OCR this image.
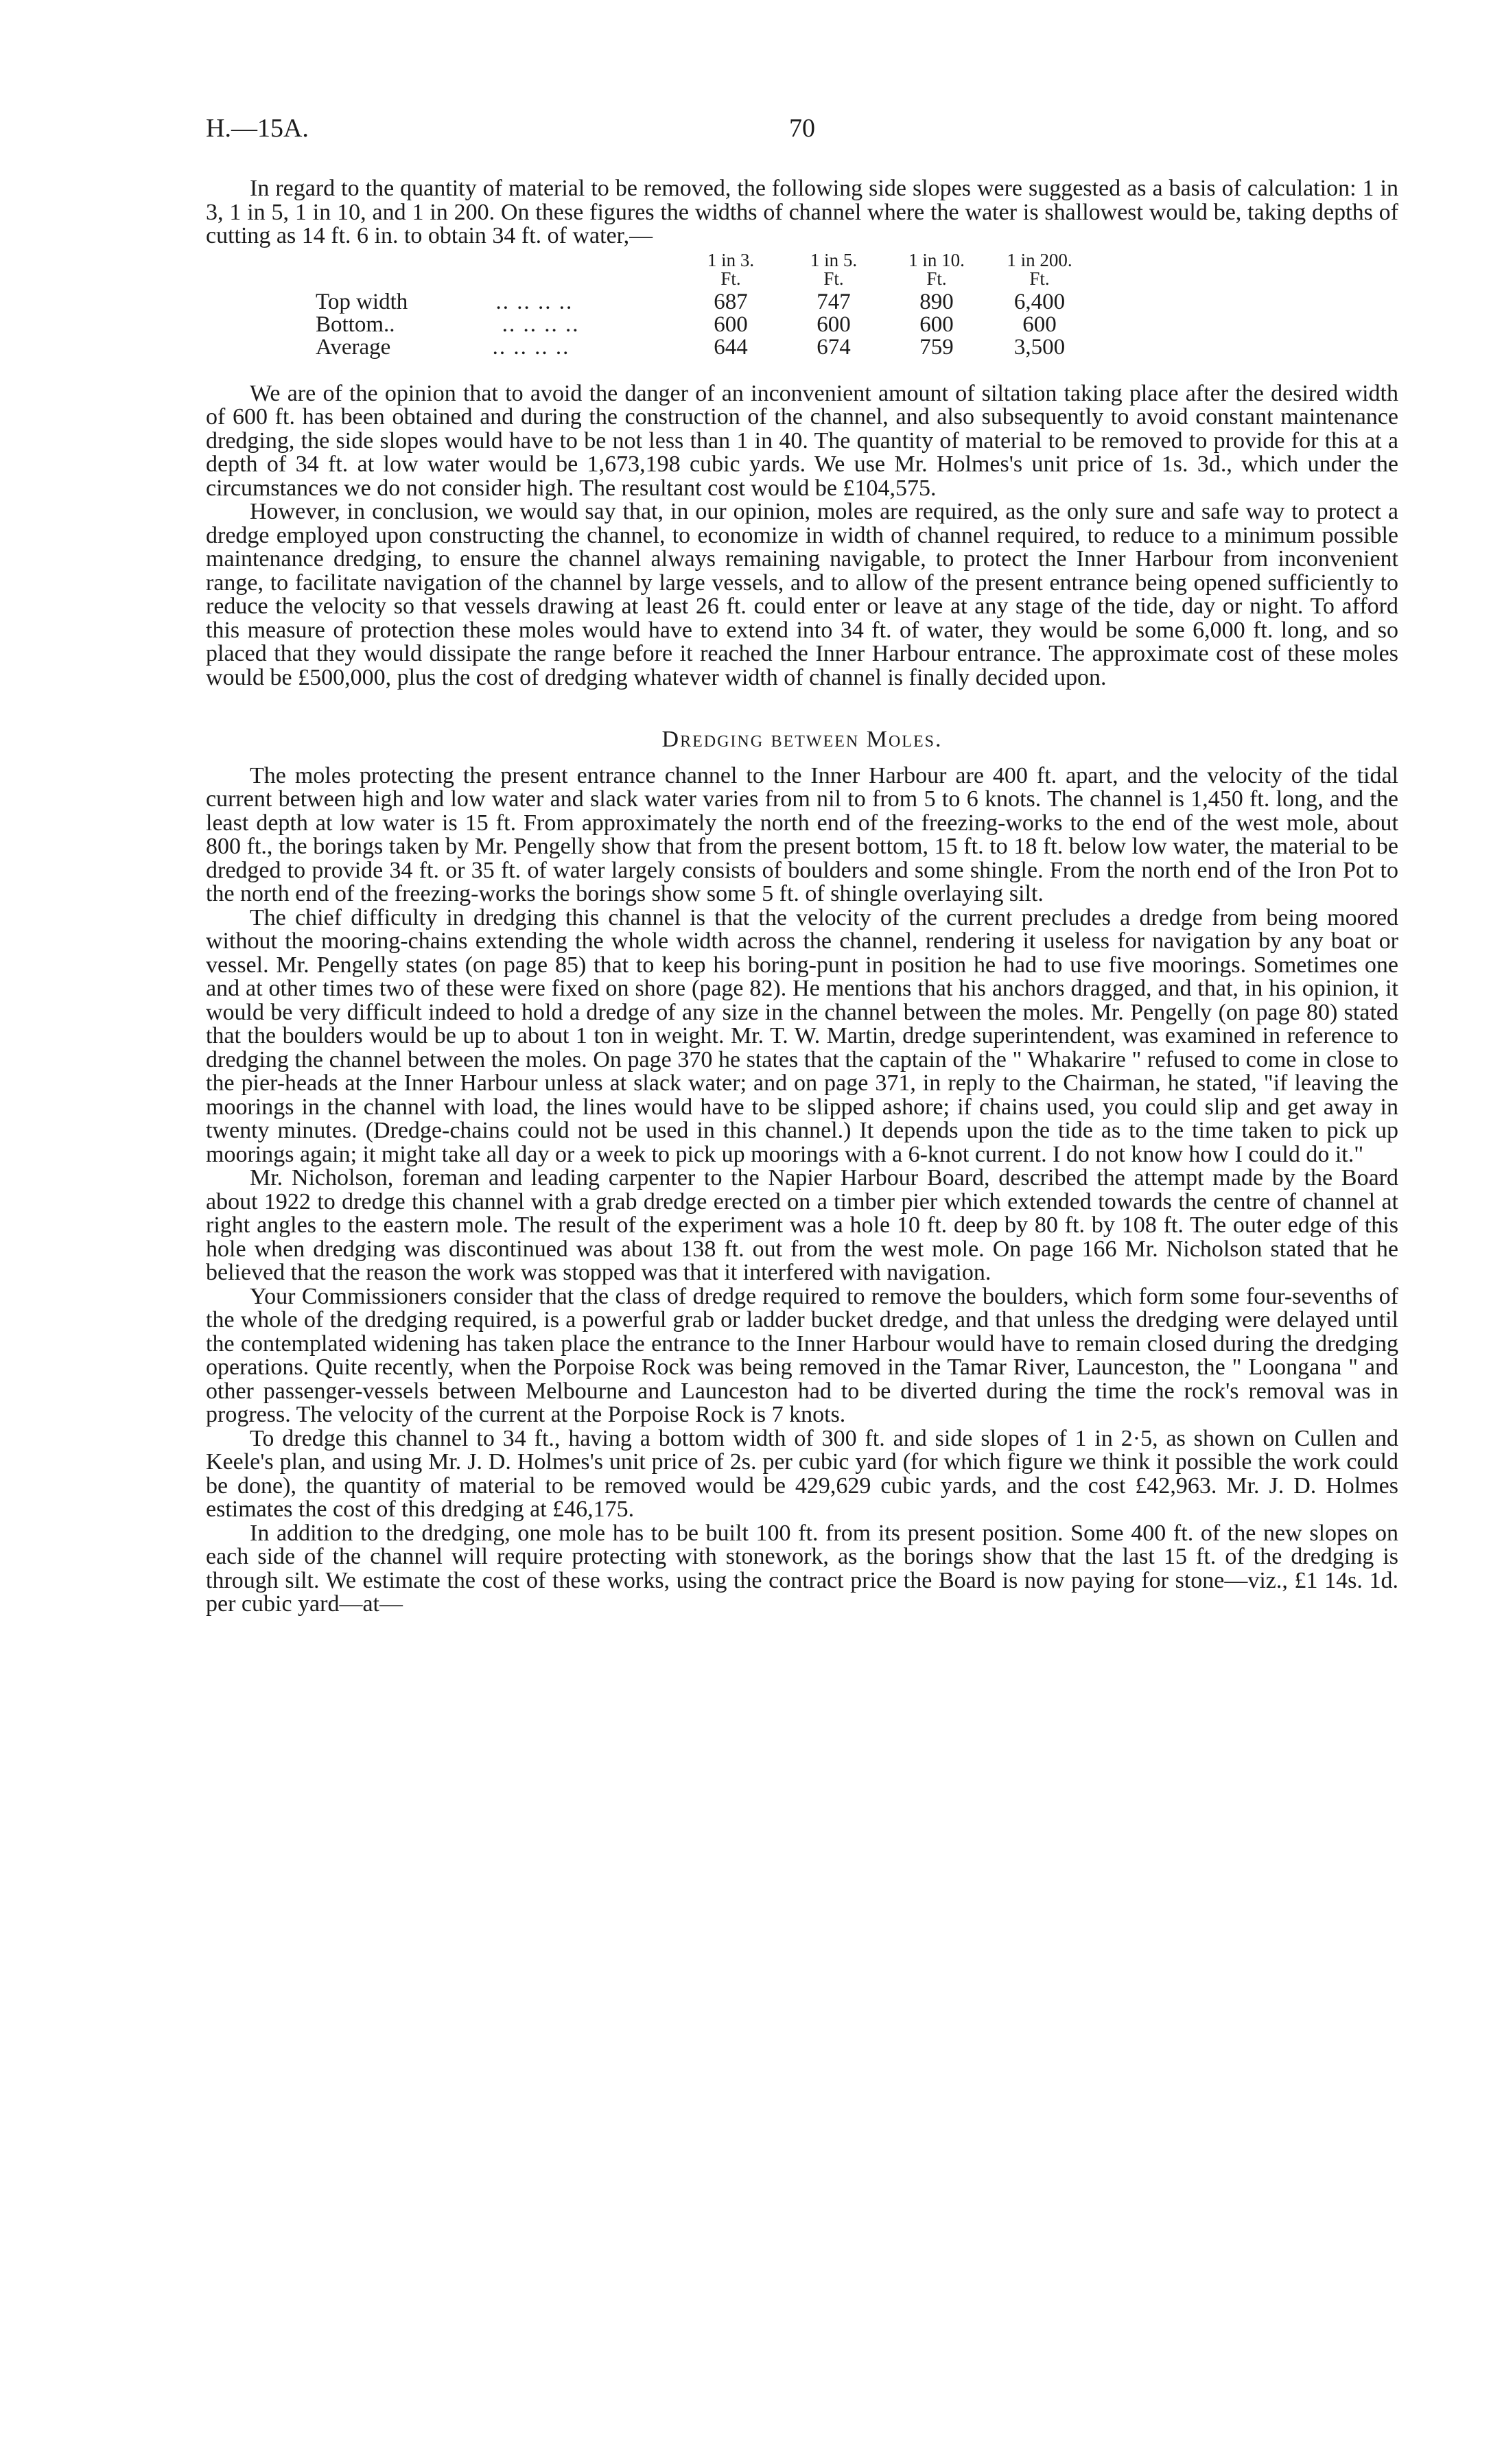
H.—15A.	70

In regard to the quantity of material to be removed, the following side slopes were suggested as a basis of calculation: 1 in 3, 1 in 5, 1 in 10, and 1 in 200. On these figures the widths of channel where the water is shallowest would be, taking depths of cutting as 14 ft. 6 in. to obtain 34 ft. of water,—

	1 in 3.	1 in 5.	1 in 10.	1 in 200.
	Ft.	Ft.	Ft.	Ft.
Top width .. .. .. ..	687	747	890	6,400
Bottom.. .. .. .. ..	600	600	600	600
Average .. .. .. ..	644	674	759	3,500

We are of the opinion that to avoid the danger of an inconvenient amount of siltation taking place after the desired width of 600 ft. has been obtained and during the construction of the channel, and also subsequently to avoid constant maintenance dredging, the side slopes would have to be not less than 1 in 40. The quantity of material to be removed to provide for this at a depth of 34 ft. at low water would be 1,673,198 cubic yards. We use Mr. Holmes's unit price of 1s. 3d., which under the circumstances we do not consider high. The resultant cost would be £104,575.

However, in conclusion, we would say that, in our opinion, moles are required, as the only sure and safe way to protect a dredge employed upon constructing the channel, to economize in width of channel required, to reduce to a minimum possible maintenance dredging, to ensure the channel always remaining navigable, to protect the Inner Harbour from inconvenient range, to facilitate navigation of the channel by large vessels, and to allow of the present entrance being opened sufficiently to reduce the velocity so that vessels drawing at least 26 ft. could enter or leave at any stage of the tide, day or night. To afford this measure of protection these moles would have to extend into 34 ft. of water, they would be some 6,000 ft. long, and so placed that they would dissipate the range before it reached the Inner Harbour entrance. The approximate cost of these moles would be £500,000, plus the cost of dredging whatever width of channel is finally decided upon.

Dredging between Moles.

The moles protecting the present entrance channel to the Inner Harbour are 400 ft. apart, and the velocity of the tidal current between high and low water and slack water varies from nil to from 5 to 6 knots. The channel is 1,450 ft. long, and the least depth at low water is 15 ft. From approximately the north end of the freezing-works to the end of the west mole, about 800 ft., the borings taken by Mr. Pengelly show that from the present bottom, 15 ft. to 18 ft. below low water, the material to be dredged to provide 34 ft. or 35 ft. of water largely consists of boulders and some shingle. From the north end of the Iron Pot to the north end of the freezing-works the borings show some 5 ft. of shingle overlaying silt.

The chief difficulty in dredging this channel is that the velocity of the current precludes a dredge from being moored without the mooring-chains extending the whole width across the channel, rendering it useless for navigation by any boat or vessel. Mr. Pengelly states (on page 85) that to keep his boring-punt in position he had to use five moorings. Sometimes one and at other times two of these were fixed on shore (page 82). He mentions that his anchors dragged, and that, in his opinion, it would be very difficult indeed to hold a dredge of any size in the channel between the moles. Mr. Pengelly (on page 80) stated that the boulders would be up to about 1 ton in weight. Mr. T. W. Martin, dredge superintendent, was examined in reference to dredging the channel between the moles. On page 370 he states that the captain of the " Whakarire " refused to come in close to the pier-heads at the Inner Harbour unless at slack water; and on page 371, in reply to the Chairman, he stated, "if leaving the moorings in the channel with load, the lines would have to be slipped ashore; if chains used, you could slip and get away in twenty minutes. (Dredge-chains could not be used in this channel.) It depends upon the tide as to the time taken to pick up moorings again; it might take all day or a week to pick up moorings with a 6-knot current. I do not know how I could do it."

Mr. Nicholson, foreman and leading carpenter to the Napier Harbour Board, described the attempt made by the Board about 1922 to dredge this channel with a grab dredge erected on a timber pier which extended towards the centre of channel at right angles to the eastern mole. The result of the experiment was a hole 10 ft. deep by 80 ft. by 108 ft. The outer edge of this hole when dredging was discontinued was about 138 ft. out from the west mole. On page 166 Mr. Nicholson stated that he believed that the reason the work was stopped was that it interfered with navigation.

Your Commissioners consider that the class of dredge required to remove the boulders, which form some four-sevenths of the whole of the dredging required, is a powerful grab or ladder bucket dredge, and that unless the dredging were delayed until the contemplated widening has taken place the entrance to the Inner Harbour would have to remain closed during the dredging operations. Quite recently, when the Porpoise Rock was being removed in the Tamar River, Launceston, the " Loongana " and other passenger-vessels between Melbourne and Launceston had to be diverted during the time the rock's removal was in progress. The velocity of the current at the Porpoise Rock is 7 knots.

To dredge this channel to 34 ft., having a bottom width of 300 ft. and side slopes of 1 in 2·5, as shown on Cullen and Keele's plan, and using Mr. J. D. Holmes's unit price of 2s. per cubic yard (for which figure we think it possible the work could be done), the quantity of material to be removed would be 429,629 cubic yards, and the cost £42,963. Mr. J. D. Holmes estimates the cost of this dredging at £46,175.

In addition to the dredging, one mole has to be built 100 ft. from its present position. Some 400 ft. of the new slopes on each side of the channel will require protecting with stonework, as the borings show that the last 15 ft. of the dredging is through silt. We estimate the cost of these works, using the contract price the Board is now paying for stone—viz., £1 14s. 1d. per cubic yard—at—
